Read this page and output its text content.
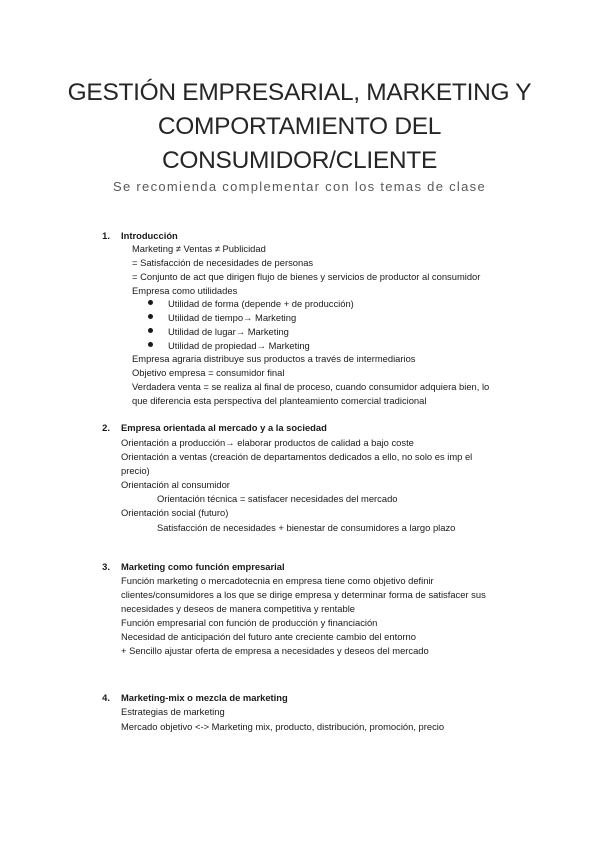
GESTIÓN EMPRESARIAL, MARKETING Y
COMPORTAMIENTO DEL
CONSUMIDOR/CLIENTE
Se recomienda complementar con los temas de clase
1. Introducción
Marketing ≠ Ventas ≠ Publicidad
= Satisfacción de necesidades de personas
= Conjunto de act que dirigen flujo de bienes y servicios de productor al consumidor
Empresa como utilidades
Utilidad de forma (depende + de producción)
Utilidad de tiempo→ Marketing
Utilidad de lugar→ Marketing
Utilidad de propiedad→ Marketing
Empresa agraria distribuye sus productos a través de intermediarios
Objetivo empresa = consumidor final
Verdadera venta = se realiza al final de proceso, cuando consumidor adquiera bien, lo
que diferencia esta perspectiva del planteamiento comercial tradicional
2. Empresa orientada al mercado y a la sociedad
Orientación a producción→ elaborar productos de calidad a bajo coste
Orientación a ventas (creación de departamentos dedicados a ello, no solo es imp el
precio)
Orientación al consumidor
Orientación técnica = satisfacer necesidades del mercado
Orientación social (futuro)
Satisfacción de necesidades + bienestar de consumidores a largo plazo
3. Marketing como función empresarial
Función marketing o mercadotecnia en empresa tiene como objetivo definir
clientes/consumidores a los que se dirige empresa y determinar forma de satisfacer sus
necesidades y deseos de manera competitiva y rentable
Función empresarial con función de producción y financiación
Necesidad de anticipación del futuro ante creciente cambio del entorno
+ Sencillo ajustar oferta de empresa a necesidades y deseos del mercado
4. Marketing-mix o mezcla de marketing
Estrategias de marketing
Mercado objetivo <-> Marketing mix, producto, distribución, promoción, precio
